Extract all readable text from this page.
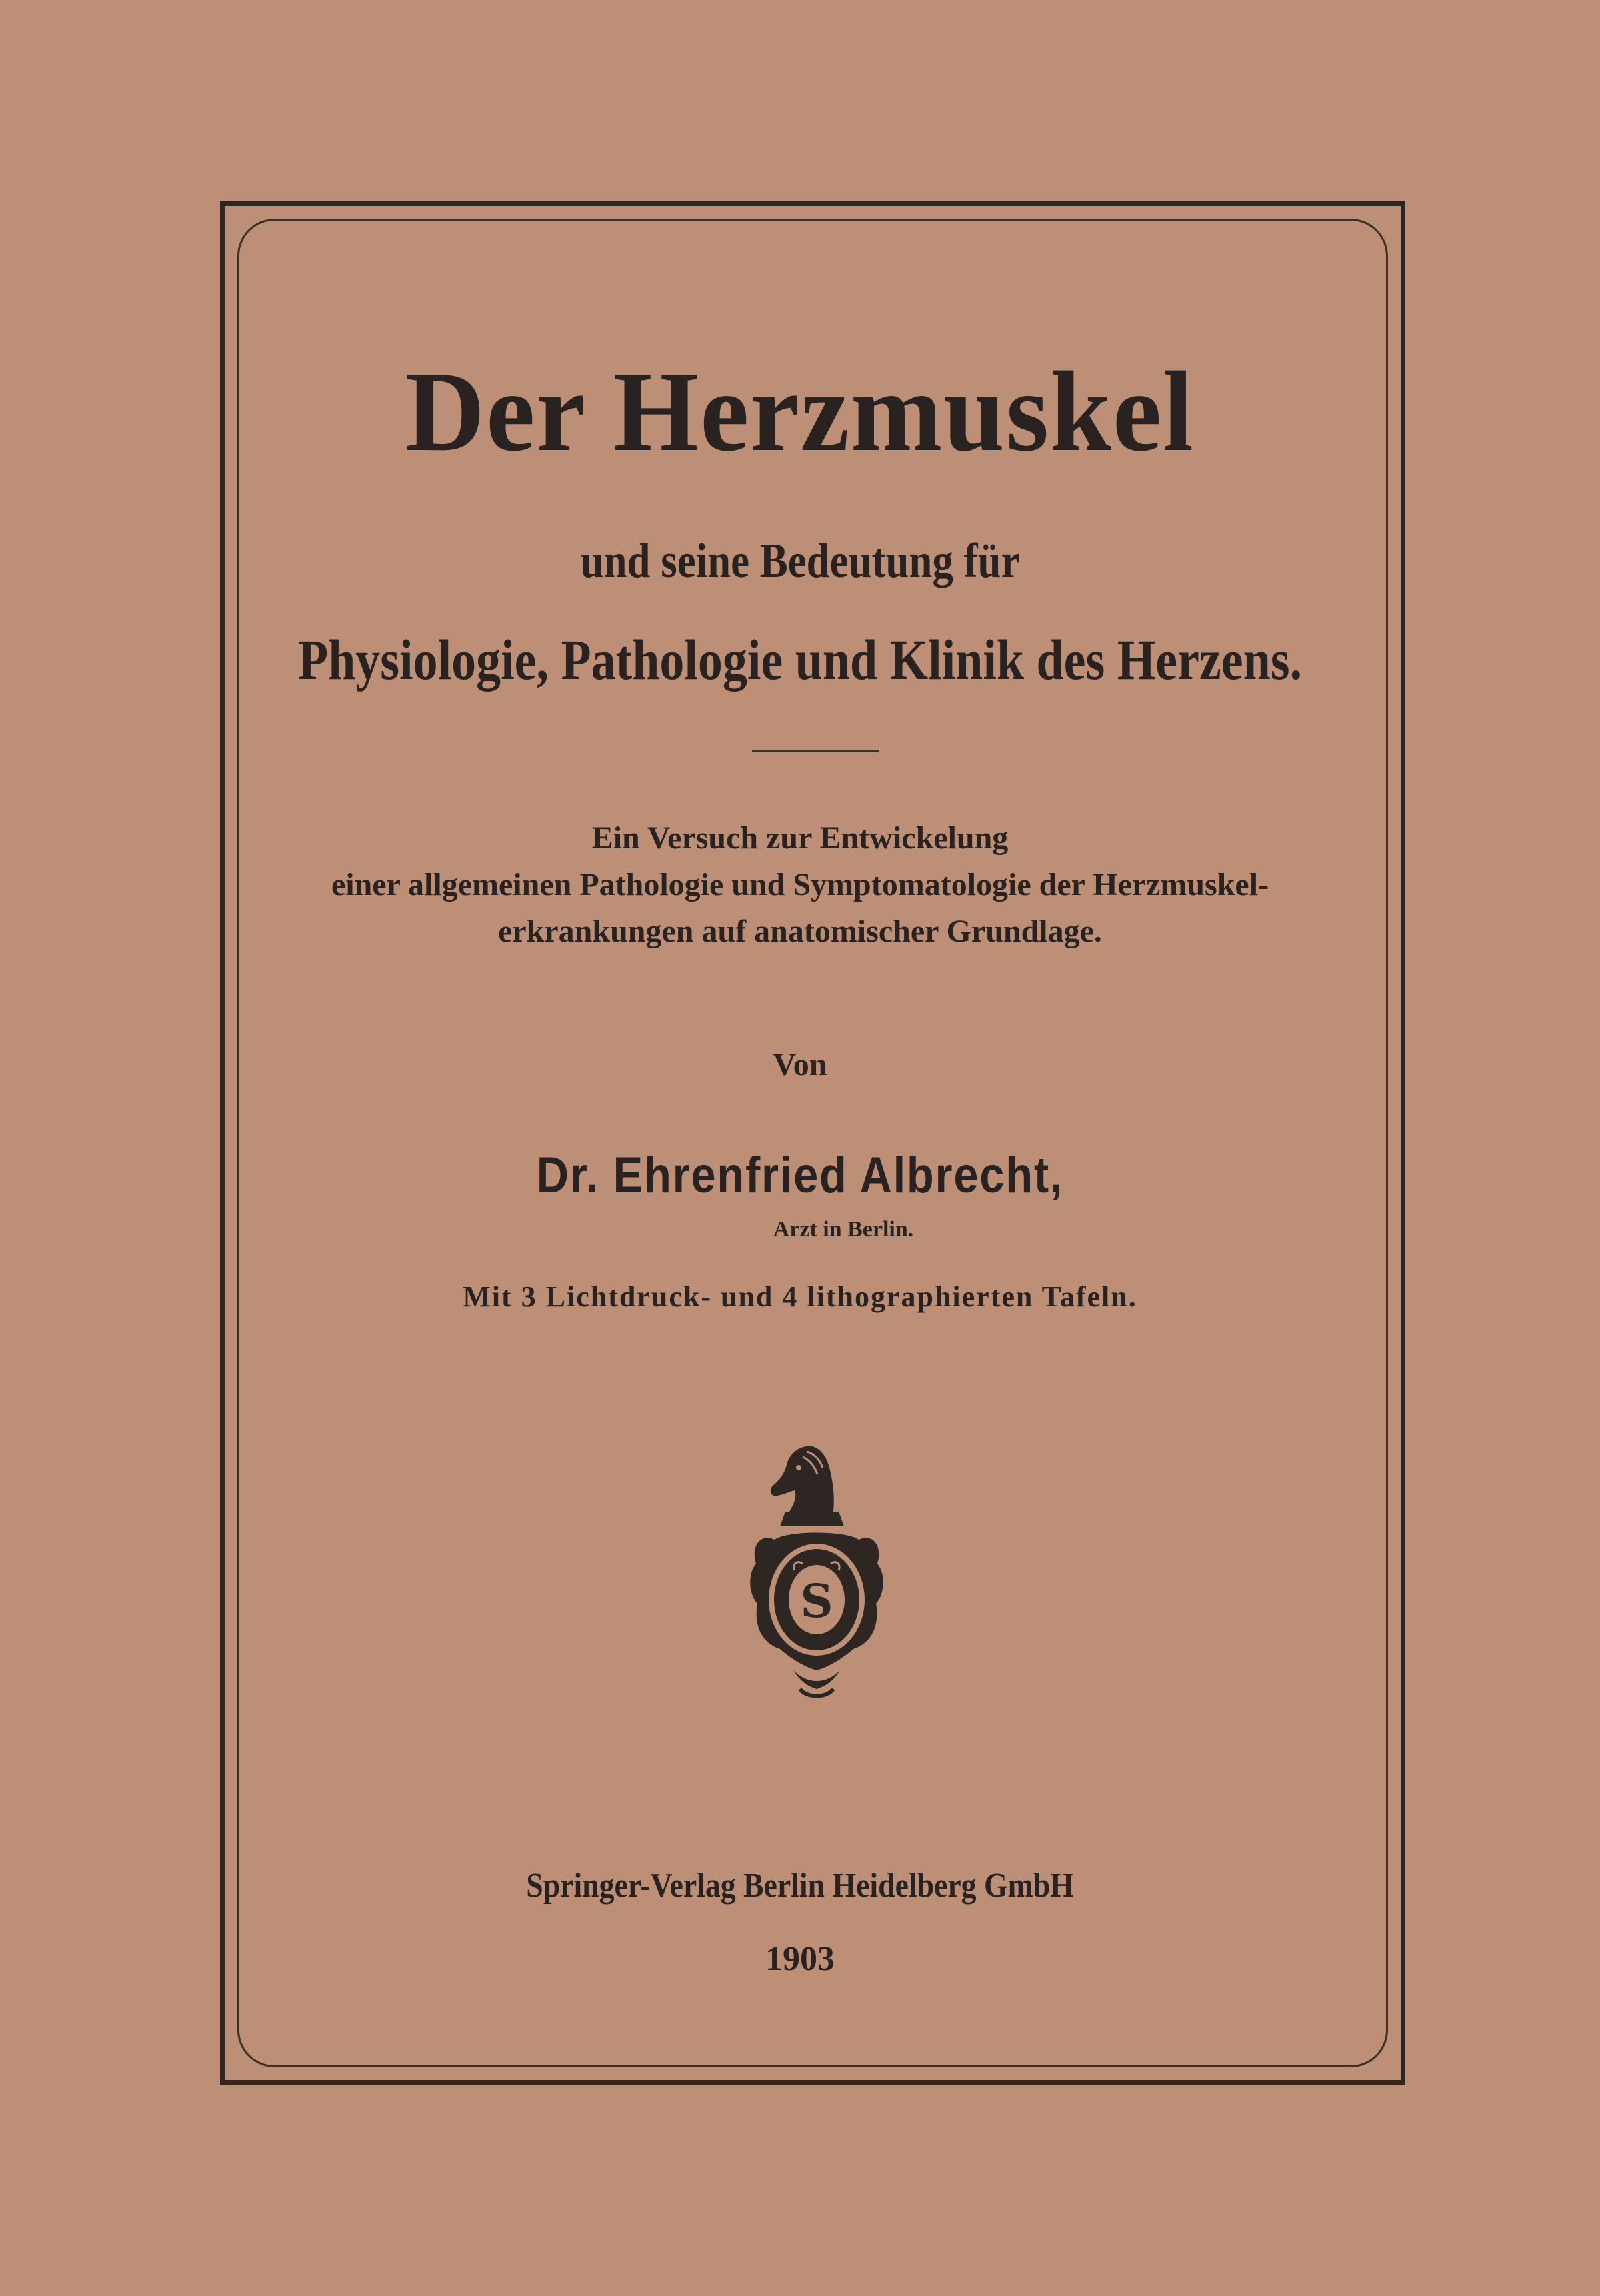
Der Herzmuskel
und seine Bedeutung für
Physiologie, Pathologie und Klinik des Herzens.
Ein Versuch zur Entwickelung
einer allgemeinen Pathologie und Symptomatologie der Herzmuskel-
erkrankungen auf anatomischer Grundlage.
Von
Dr. Ehrenfried Albrecht,
Arzt in Berlin.
Mit 3 Lichtdruck- und 4 lithographierten Tafeln.
S
Springer-Verlag Berlin Heidelberg GmbH
1903
